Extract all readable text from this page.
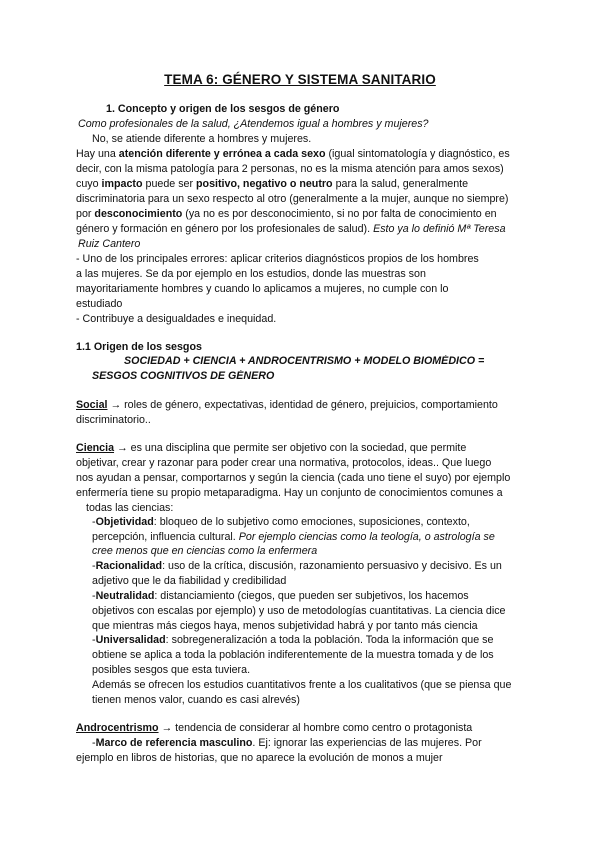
TEMA 6: GÉNERO Y SISTEMA SANITARIO
1. Concepto y origen de los sesgos de género
Como profesionales de la salud, ¿Atendemos igual a hombres y mujeres?
No, se atiende diferente a hombres y mujeres.
Hay una atención diferente y errónea a cada sexo (igual sintomatología y diagnóstico, es
decir, con la misma patología para 2 personas, no es la misma atención para amos sexos)
cuyo impacto puede ser positivo, negativo o neutro para la salud, generalmente
discriminatoria para un sexo respecto al otro (generalmente a la mujer, aunque no siempre)
por desconocimiento (ya no es por desconocimiento, si no por falta de conocimiento en
género y formación en género por los profesionales de salud). Esto ya lo definió Mª Teresa
Ruiz Cantero
- Uno de los principales errores: aplicar criterios diagnósticos propios de los hombres
a las mujeres. Se da por ejemplo en los estudios, donde las muestras son
mayoritariamente hombres y cuando lo aplicamos a mujeres, no cumple con lo
estudiado
- Contribuye a desigualdades e inequidad.
1.1 Origen de los sesgos
SOCIEDAD + CIENCIA + ANDROCENTRISMO + MODELO BIOMÉDICO =
SESGOS COGNITIVOS DE GÉNERO
Social → roles de género, expectativas, identidad de género, prejuicios, comportamiento
discriminatorio..
Ciencia → es una disciplina que permite ser objetivo con la sociedad, que permite
objetivar, crear y razonar para poder crear una normativa, protocolos, ideas.. Que luego
nos ayudan a pensar, comportarnos y según la ciencia (cada uno tiene el suyo) por ejemplo
enfermería tiene su propio metaparadigma. Hay un conjunto de conocimientos comunes a
todas las ciencias:
-Objetividad: bloqueo de lo subjetivo como emociones, suposiciones, contexto,
percepción, influencia cultural. Por ejemplo ciencias como la teología, o astrología se
cree menos que en ciencias como la enfermera
-Racionalidad: uso de la crítica, discusión, razonamiento persuasivo y decisivo. Es un
adjetivo que le da fiabilidad y credibilidad
-Neutralidad: distanciamiento (ciegos, que pueden ser subjetivos, los hacemos
objetivos con escalas por ejemplo) y uso de metodologías cuantitativas. La ciencia dice
que mientras más ciegos haya, menos subjetividad habrá y por tanto más ciencia
-Universalidad: sobregeneralización a toda la población. Toda la información que se
obtiene se aplica a toda la población indiferentemente de la muestra tomada y de los
posibles sesgos que esta tuviera.
Además se ofrecen los estudios cuantitativos frente a los cualitativos (que se piensa que
tienen menos valor, cuando es casi alrevés)
Androcentrismo → tendencia de considerar al hombre como centro o protagonista
-Marco de referencia masculino. Ej: ignorar las experiencias de las mujeres. Por
ejemplo en libros de historias, que no aparece la evolución de monos a mujer
